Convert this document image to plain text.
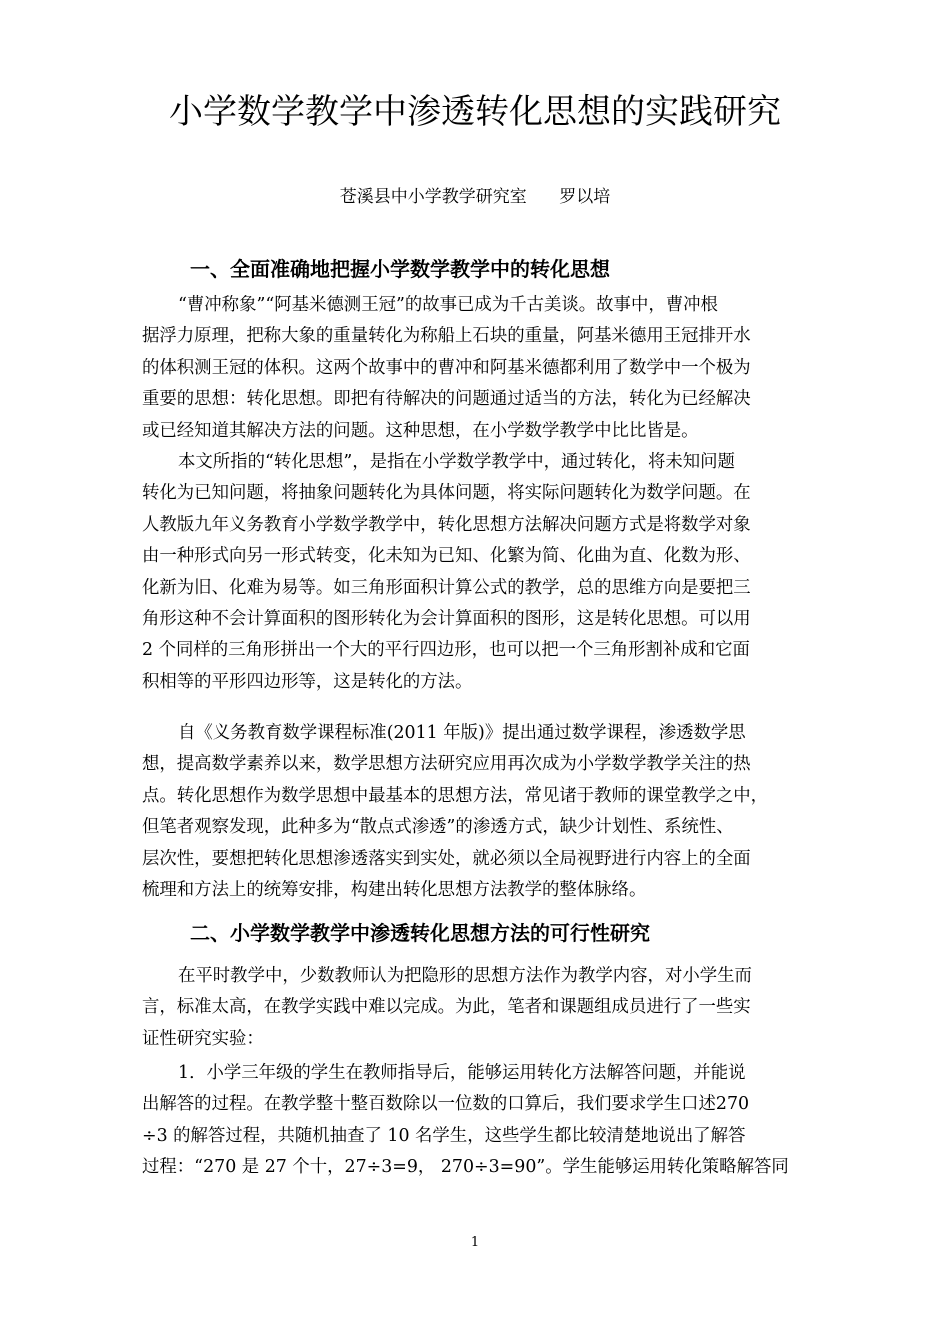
小学数学教学中渗透转化思想的实践研究
苍溪县中小学教学研究室      罗以培
一、全面准确地把握小学数学教学中的转化思想
“曹冲称象”“阿基米德测王冠”的故事已成为千古美谈。故事中，曹冲根
据浮力原理，把称大象的重量转化为称船上石块的重量，阿基米德用王冠排开水
的体积测王冠的体积。这两个故事中的曹冲和阿基米德都利用了数学中一个极为
重要的思想：转化思想。即把有待解决的问题通过适当的方法，转化为已经解决
或已经知道其解决方法的问题。这种思想，在小学数学教学中比比皆是。
本文所指的“转化思想”，是指在小学数学教学中，通过转化，将未知问题
转化为已知问题，将抽象问题转化为具体问题，将实际问题转化为数学问题。在
人教版九年义务教育小学数学教学中，转化思想方法解决问题方式是将数学对象
由一种形式向另一形式转变，化未知为已知、化繁为简、化曲为直、化数为形、
化新为旧、化难为易等。如三角形面积计算公式的教学，总的思维方向是要把三
角形这种不会计算面积的图形转化为会计算面积的图形，这是转化思想。可以用
2 个同样的三角形拼出一个大的平行四边形，也可以把一个三角形割补成和它面
积相等的平形四边形等，这是转化的方法。
自《义务教育数学课程标准(2011 年版)》提出通过数学课程，渗透数学思
想，提高数学素养以来，数学思想方法研究应用再次成为小学数学教学关注的热
点。转化思想作为数学思想中最基本的思想方法，常见诸于教师的课堂教学之中，
但笔者观察发现，此种多为“散点式渗透”的渗透方式，缺少计划性、系统性、
层次性，要想把转化思想渗透落实到实处，就必须以全局视野进行内容上的全面
梳理和方法上的统筹安排，构建出转化思想方法教学的整体脉络。
二、小学数学教学中渗透转化思想方法的可行性研究
在平时教学中，少数教师认为把隐形的思想方法作为教学内容，对小学生而
言，标准太高，在教学实践中难以完成。为此，笔者和课题组成员进行了一些实
证性研究实验：
1．小学三年级的学生在教师指导后，能够运用转化方法解答问题，并能说
出解答的过程。在教学整十整百数除以一位数的口算后，我们要求学生口述270
÷3 的解答过程，共随机抽查了 10 名学生，这些学生都比较清楚地说出了解答
过程：“270 是 27 个十，27÷3=9， 270÷3=90”。学生能够运用转化策略解答同
1
